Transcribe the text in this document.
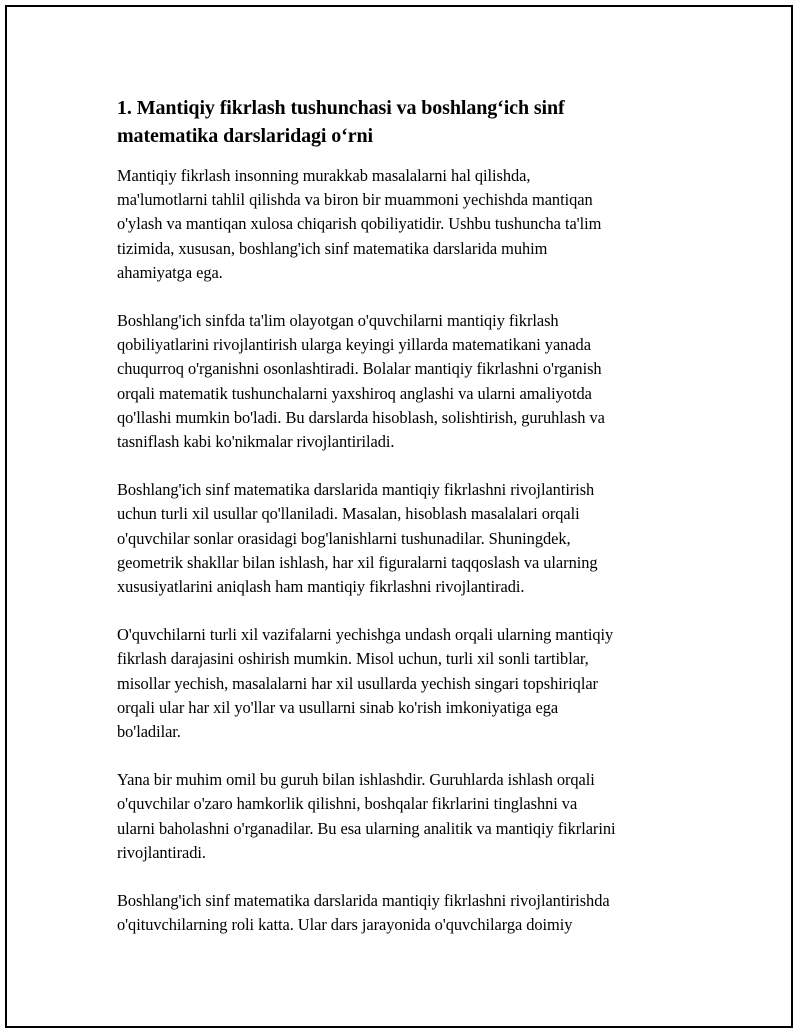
1. Mantiqiy fikrlash tushunchasi va boshlang‘ich sinf
matematika darslaridagi o‘rni

Mantiqiy fikrlash insonning murakkab masalalarni hal qilishda,
ma'lumotlarni tahlil qilishda va biron bir muammoni yechishda mantiqan
o'ylash va mantiqan xulosa chiqarish qobiliyatidir. Ushbu tushuncha ta'lim
tizimida, xususan, boshlang'ich sinf matematika darslarida muhim
ahamiyatga ega.

Boshlang'ich sinfda ta'lim olayotgan o'quvchilarni mantiqiy fikrlash
qobiliyatlarini rivojlantirish ularga keyingi yillarda matematikani yanada
chuqurroq o'rganishni osonlashtiradi. Bolalar mantiqiy fikrlashni o'rganish
orqali matematik tushunchalarni yaxshiroq anglashi va ularni amaliyotda
qo'llashi mumkin bo'ladi. Bu darslarda hisoblash, solishtirish, guruhlash va
tasniflash kabi ko'nikmalar rivojlantiriladi.

Boshlang'ich sinf matematika darslarida mantiqiy fikrlashni rivojlantirish
uchun turli xil usullar qo'llaniladi. Masalan, hisoblash masalalari orqali
o'quvchilar sonlar orasidagi bog'lanishlarni tushunadilar. Shuningdek,
geometrik shakllar bilan ishlash, har xil figuralarni taqqoslash va ularning
xususiyatlarini aniqlash ham mantiqiy fikrlashni rivojlantiradi.

O'quvchilarni turli xil vazifalarni yechishga undash orqali ularning mantiqiy
fikrlash darajasini oshirish mumkin. Misol uchun, turli xil sonli tartiblar,
misollar yechish, masalalarni har xil usullarda yechish singari topshiriqlar
orqali ular har xil yo'llar va usullarni sinab ko'rish imkoniyatiga ega
bo'ladilar.

Yana bir muhim omil bu guruh bilan ishlashdir. Guruhlarda ishlash orqali
o'quvchilar o'zaro hamkorlik qilishni, boshqalar fikrlarini tinglashni va
ularni baholashni o'rganadilar. Bu esa ularning analitik va mantiqiy fikrlarini
rivojlantiradi.

Boshlang'ich sinf matematika darslarida mantiqiy fikrlashni rivojlantirishda
o'qituvchilarning roli katta. Ular dars jarayonida o'quvchilarga doimiy
